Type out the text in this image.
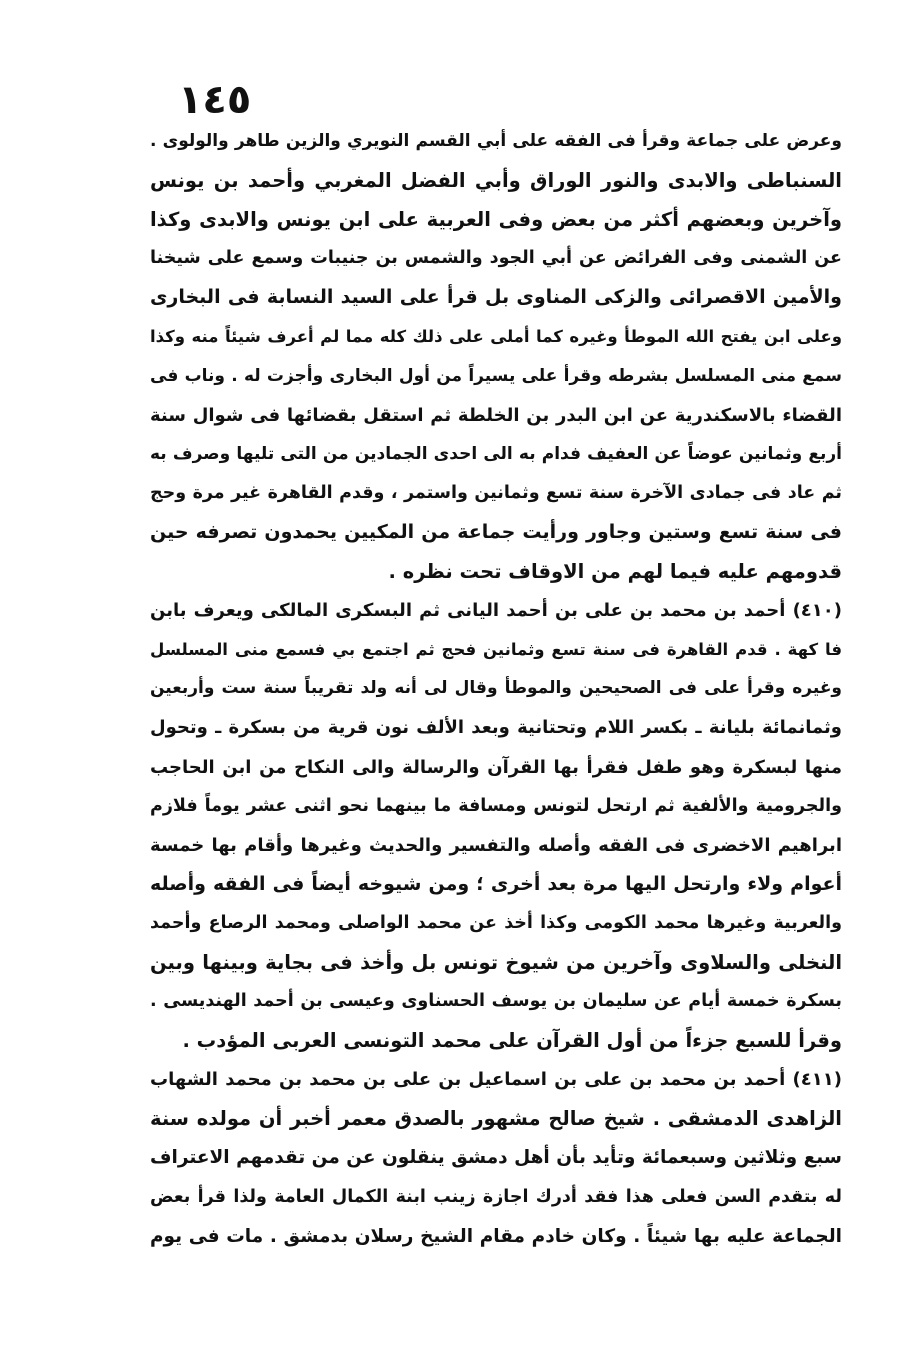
١٤٥
وعرض على جماعة وقرأ فى الفقه على أبي القسم النويري والزين طاهر والولوى .
السنباطى والابدى والنور الوراق وأبي الفضل المغربي وأحمد بن يونس
وآخرين وبعضهم أكثر من بعض وفى العربية على ابن يونس والابدى وكذا
عن الشمنى وفى الفرائض عن أبي الجود والشمس بن جنيبات وسمع على شيخنا
والأمين الاقصرائى والزكى المناوى بل قرأ على السيد النسابة فى البخارى
وعلى ابن يفتح الله الموطأ وغيره كما أملى على ذلك كله مما لم أعرف شيئاً منه وكذا
سمع منى المسلسل بشرطه وقرأ على يسيراً من أول البخارى وأجزت له . وناب فى
القضاء بالاسكندرية عن ابن البدر بن الخلطة ثم استقل بقضائها فى شوال سنة
أربع وثمانين عوضاً عن العفيف فدام به الى احدى الجمادين من التى تليها وصرف به
ثم عاد فى جمادى الآخرة سنة تسع وثمانين واستمر ، وقدم القاهرة غير مرة وحج
فى سنة تسع وستين وجاور ورأيت جماعة من المكيين يحمدون تصرفه حين
قدومهم عليه فيما لهم من الاوقاف تحت نظره .
(٤١٠) أحمد بن محمد بن على بن أحمد اليانى ثم البسكرى المالكى ويعرف بابن
فا كهة . قدم القاهرة فى سنة تسع وثمانين فحج ثم اجتمع بي فسمع منى المسلسل
وغيره وقرأ على فى الصحيحين والموطأ وقال لى أنه ولد تقريباً سنة ست وأربعين
وثمانمائة بليانة ـ بكسر اللام وتحتانية وبعد الألف نون قرية من بسكرة ـ وتحول
منها لبسكرة وهو طفل فقرأ بها القرآن والرسالة والى النكاح من ابن الحاجب
والجرومية والألفية ثم ارتحل لتونس ومسافة ما بينهما نحو اثنى عشر يوماً فلازم
ابراهيم الاخضرى فى الفقه وأصله والتفسير والحديث وغيرها وأقام بها خمسة
أعوام ولاء وارتحل اليها مرة بعد أخرى ؛ ومن شيوخه أيضاً فى الفقه وأصله
والعربية وغيرها محمد الكومى وكذا أخذ عن محمد الواصلى ومحمد الرصاع وأحمد
النخلى والسلاوى وآخرين من شيوخ تونس بل وأخذ فى بجاية وبينها وبين
بسكرة خمسة أيام عن سليمان بن يوسف الحسناوى وعيسى بن أحمد الهنديسى .
وقرأ للسبع جزءاً من أول القرآن على محمد التونسى العربى المؤدب .
(٤١١) أحمد بن محمد بن على بن اسماعيل بن على بن محمد بن محمد الشهاب
الزاهدى الدمشقى . شيخ صالح مشهور بالصدق معمر أخبر أن مولده سنة
سبع وثلاثين وسبعمائة وتأيد بأن أهل دمشق ينقلون عن من تقدمهم الاعتراف
له بتقدم السن فعلى هذا فقد أدرك اجازة زينب ابنة الكمال العامة ولذا قرأ بعض
الجماعة عليه بها شيئاً . وكان خادم مقام الشيخ رسلان بدمشق . مات فى يوم
